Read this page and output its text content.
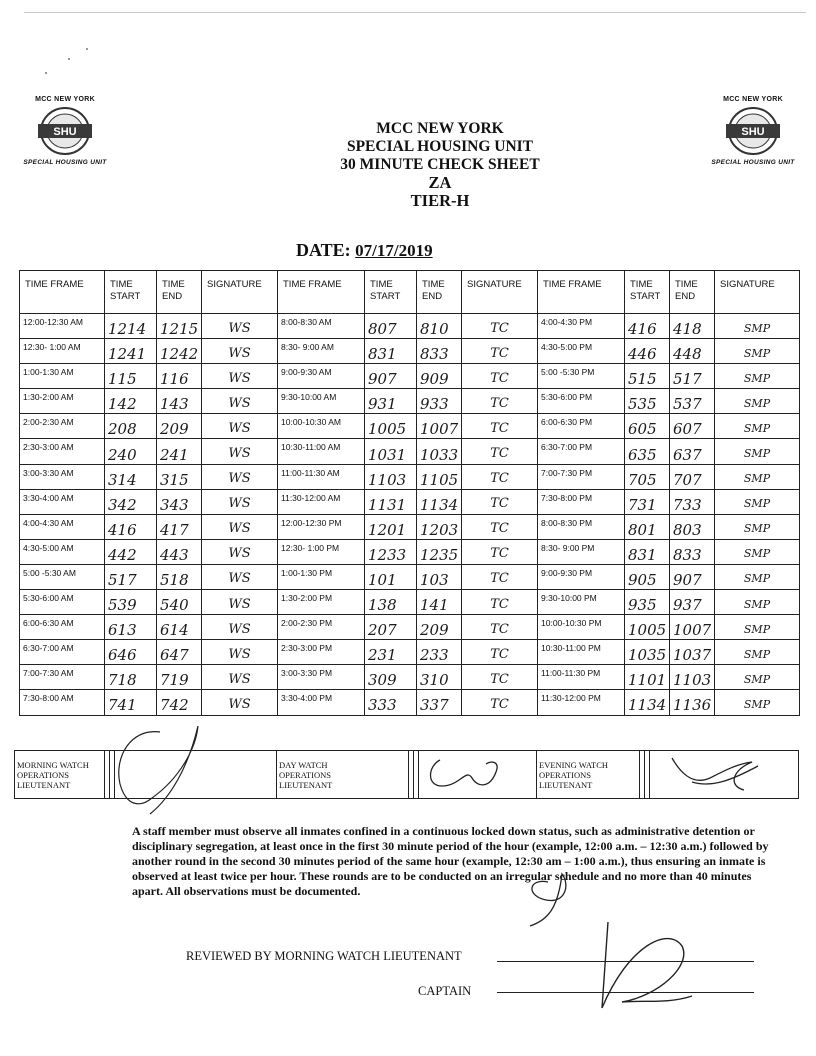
MCC NEW YORK
SHU
SPECIAL HOUSING UNIT
MCC NEW YORK
SHU
SPECIAL HOUSING UNIT
MCC NEW YORK
SPECIAL HOUSING UNIT
30 MINUTE CHECK SHEET
ZA
TIER-H
DATE: 07/17/2019
TIME FRAME	TIME START	TIME END	SIGNATURE	TIME FRAME	TIME START	TIME END	SIGNATURE	TIME FRAME	TIME START	TIME END	SIGNATURE
12:00-12:30 AM	1214	1215	WS	8:00-8:30 AM	807	810	TC	4:00-4:30 PM	416	418	SMP
12:30- 1:00 AM	1241	1242	WS	8:30- 9:00 AM	831	833	TC	4:30-5:00 PM	446	448	SMP
1:00-1:30 AM	115	116	WS	9:00-9:30 AM	907	909	TC	5:00 -5:30 PM	515	517	SMP
1:30-2:00 AM	142	143	WS	9:30-10:00 AM	931	933	TC	5:30-6:00 PM	535	537	SMP
2:00-2:30 AM	208	209	WS	10:00-10:30 AM	1005	1007	TC	6:00-6:30 PM	605	607	SMP
2:30-3:00 AM	240	241	WS	10:30-11:00 AM	1031	1033	TC	6:30-7:00 PM	635	637	SMP
3:00-3:30 AM	314	315	WS	11:00-11:30 AM	1103	1105	TC	7:00-7:30 PM	705	707	SMP
3:30-4:00 AM	342	343	WS	11:30-12:00 AM	1131	1134	TC	7:30-8:00 PM	731	733	SMP
4:00-4:30 AM	416	417	WS	12:00-12:30 PM	1201	1203	TC	8:00-8:30 PM	801	803	SMP
4:30-5:00 AM	442	443	WS	12:30- 1:00 PM	1233	1235	TC	8:30- 9:00 PM	831	833	SMP
5:00 -5:30 AM	517	518	WS	1:00-1:30 PM	101	103	TC	9:00-9:30 PM	905	907	SMP
5:30-6:00 AM	539	540	WS	1:30-2:00 PM	138	141	TC	9:30-10:00 PM	935	937	SMP
6:00-6:30 AM	613	614	WS	2:00-2:30 PM	207	209	TC	10:00-10:30 PM	1005	1007	SMP
6:30-7:00 AM	646	647	WS	2:30-3:00 PM	231	233	TC	10:30-11:00 PM	1035	1037	SMP
7:00-7:30 AM	718	719	WS	3:00-3:30 PM	309	310	TC	11:00-11:30 PM	1101	1103	SMP
7:30-8:00 AM	741	742	WS	3:30-4:00 PM	333	337	TC	11:30-12:00 PM	1134	1136	SMP
MORNING WATCH
OPERATIONS
LIEUTENANT

DAY WATCH
OPERATIONS
LIEUTENANT

EVENING WATCH
OPERATIONS
LIEUTENANT

A staff member must observe all inmates confined in a continuous locked down status, such as administrative detention or disciplinary segregation, at least once in the first 30 minute period of the hour (example, 12:00 a.m. – 12:30 a.m.) followed by another round in the second 30 minutes period of the same hour (example, 12:30 am – 1:00 a.m.), thus ensuring an inmate is observed at least twice per hour. These rounds are to be conducted on an irregular schedule and no more than 40 minutes apart. All observations must be documented.
REVIEWED BY MORNING WATCH LIEUTENANT
CAPTAIN
